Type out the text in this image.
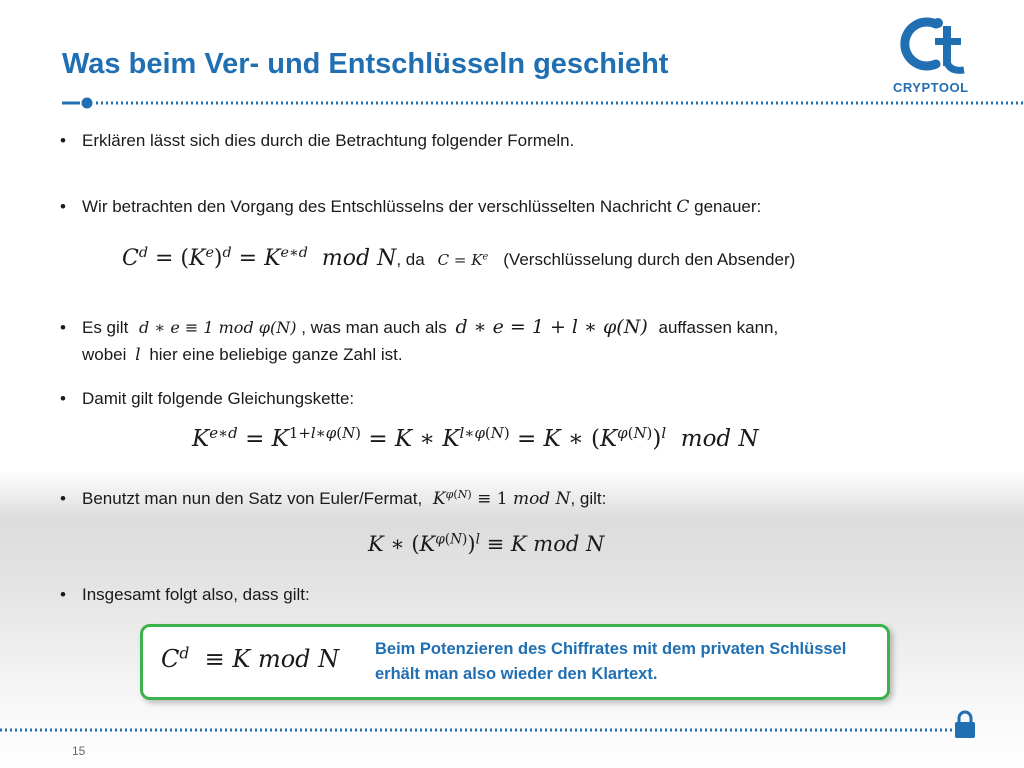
Was beim Ver- und Entschlüsseln geschieht
CRYPTOOL
• Erklären lässt sich dies durch die Betrachtung folgender Formeln.
• Wir betrachten den Vorgang des Entschlüsselns der verschlüsselten Nachricht C genauer:
$C^d = (K^e)^d = K^{e∗d}$  mod N, da $C = K^e$ (Verschlüsselung durch den Absender)
• Es gilt d ∗ e ≡ 1 mod φ(N) , was man auch als d ∗ e = 1 + l ∗ φ(N) auffassen kann,
wobei l hier eine beliebige ganze Zahl ist.
• Damit gilt folgende Gleichungskette:
$K^{e∗d} = K^{1+l∗\varphi(N)} = K$ ∗ $K^{l∗\varphi(N)} = K$ ∗ $(K^{\varphi(N)})^l$  mod N
• Benutzt man nun den Satz von Euler/Fermat, $K^{\varphi(N)} \equiv 1$ mod N, gilt:
K ∗ $(K^{\varphi(N)})^l \equiv K$ mod N
• Insgesamt folgt also, dass gilt:
$C^d \equiv K$ mod N Beim Potenzieren des Chiffrates mit dem privaten Schlüssel erhält man also wieder den Klartext.
15
